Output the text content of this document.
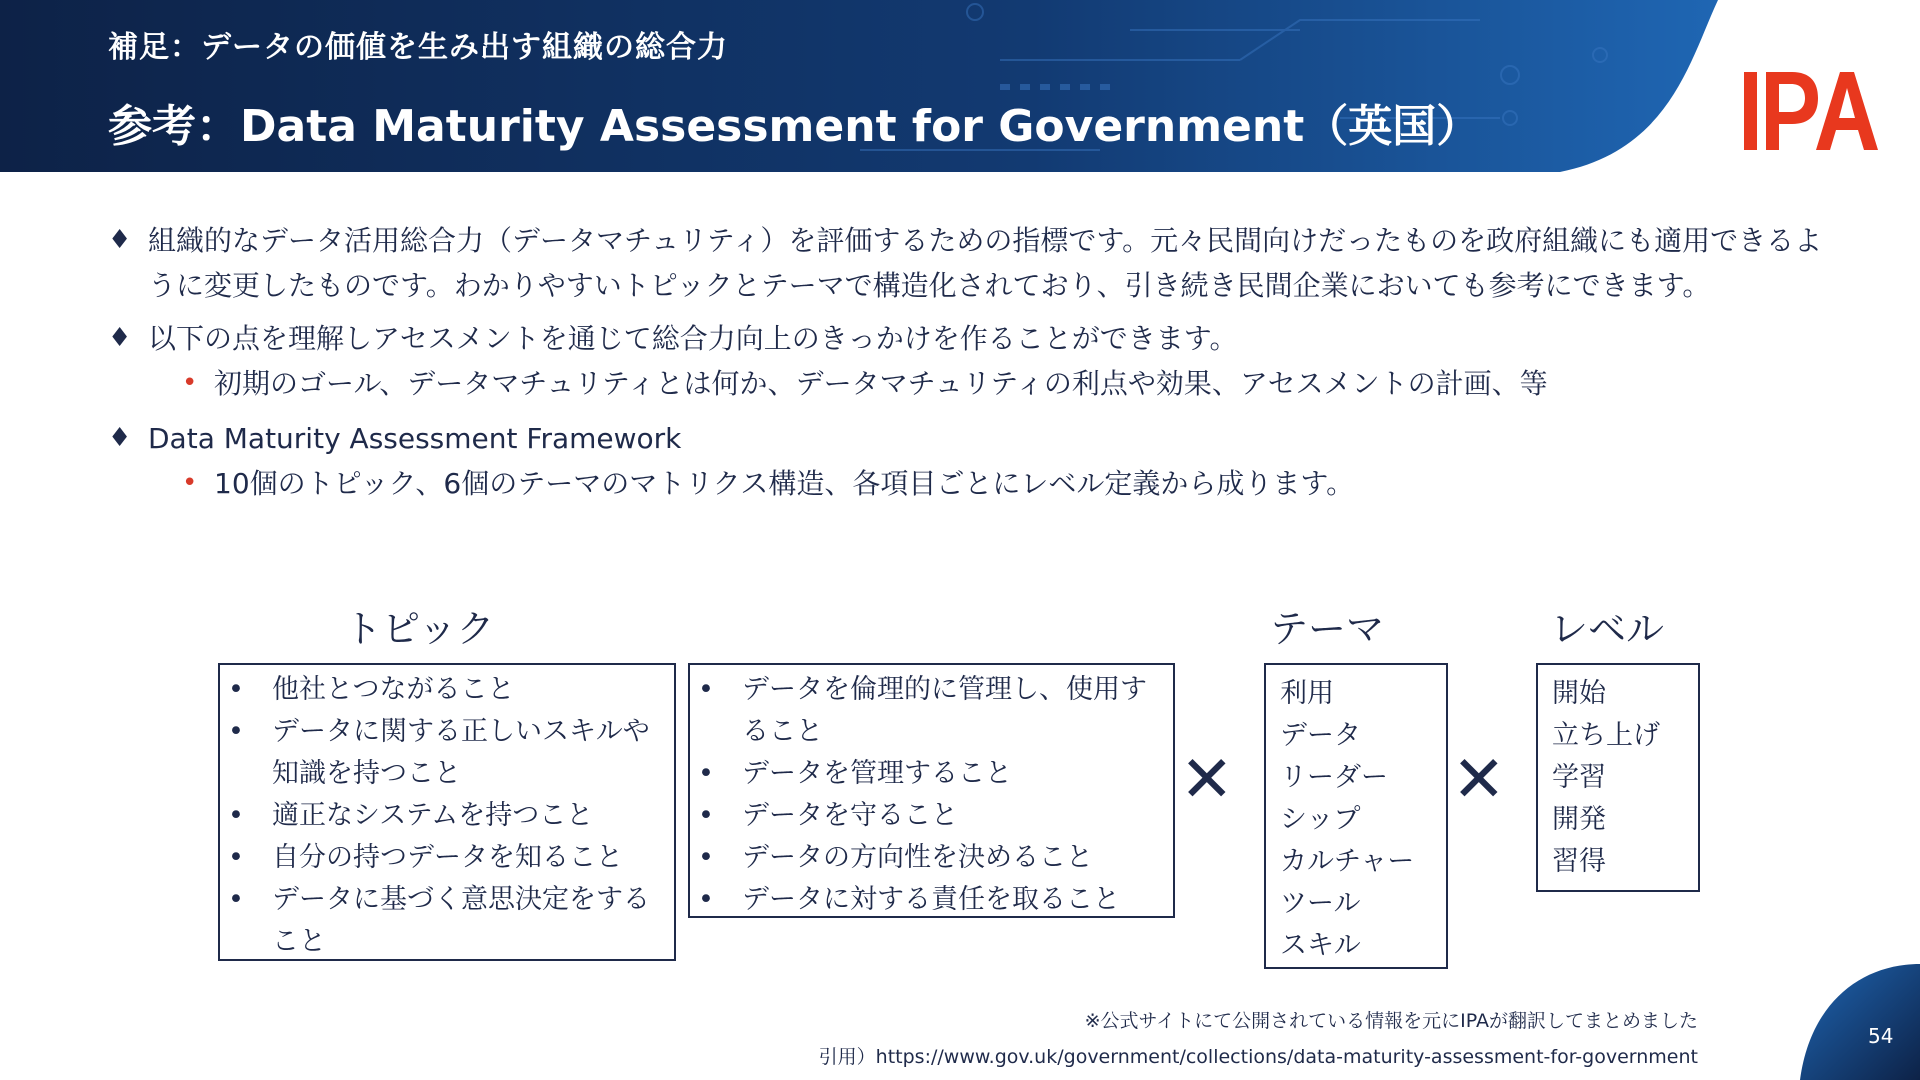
補足：データの価値を生み出す組織の総合力
参考：Data Maturity Assessment for Government（英国）
♦ 組織的なデータ活用総合力（データマチュリティ）を評価するための指標です。元々民間向けだったものを政府組織にも適用できるように変更したものです。わかりやすいトピックとテーマで構造化されており、引き続き民間企業においても参考にできます。
♦ 以下の点を理解しアセスメントを通じて総合力向上のきっかけを作ることができます。
• 初期のゴール、データマチュリティとは何か、データマチュリティの利点や効果、アセスメントの計画、等
♦ Data Maturity Assessment Framework
• 10個のトピック、6個のテーマのマトリクス構造、各項目ごとにレベル定義から成ります。
トピック	テーマ	レベル
• 他社とつながること
• データに関する正しいスキルや知識を持つこと
• 適正なシステムを持つこと
• 自分の持つデータを知ること
• データに基づく意思決定をすること
• データを倫理的に管理し、使用すること
• データを管理すること
• データを守ること
• データの方向性を決めること
• データに対する責任を取ること
✕	✕
利用
データ
リーダー
シップ
カルチャー
ツール
スキル
開始
立ち上げ
学習
開発
習得
※公式サイトにて公開されている情報を元にIPAが翻訳してまとめました
引用）https://www.gov.uk/government/collections/data-maturity-assessment-for-government
54
